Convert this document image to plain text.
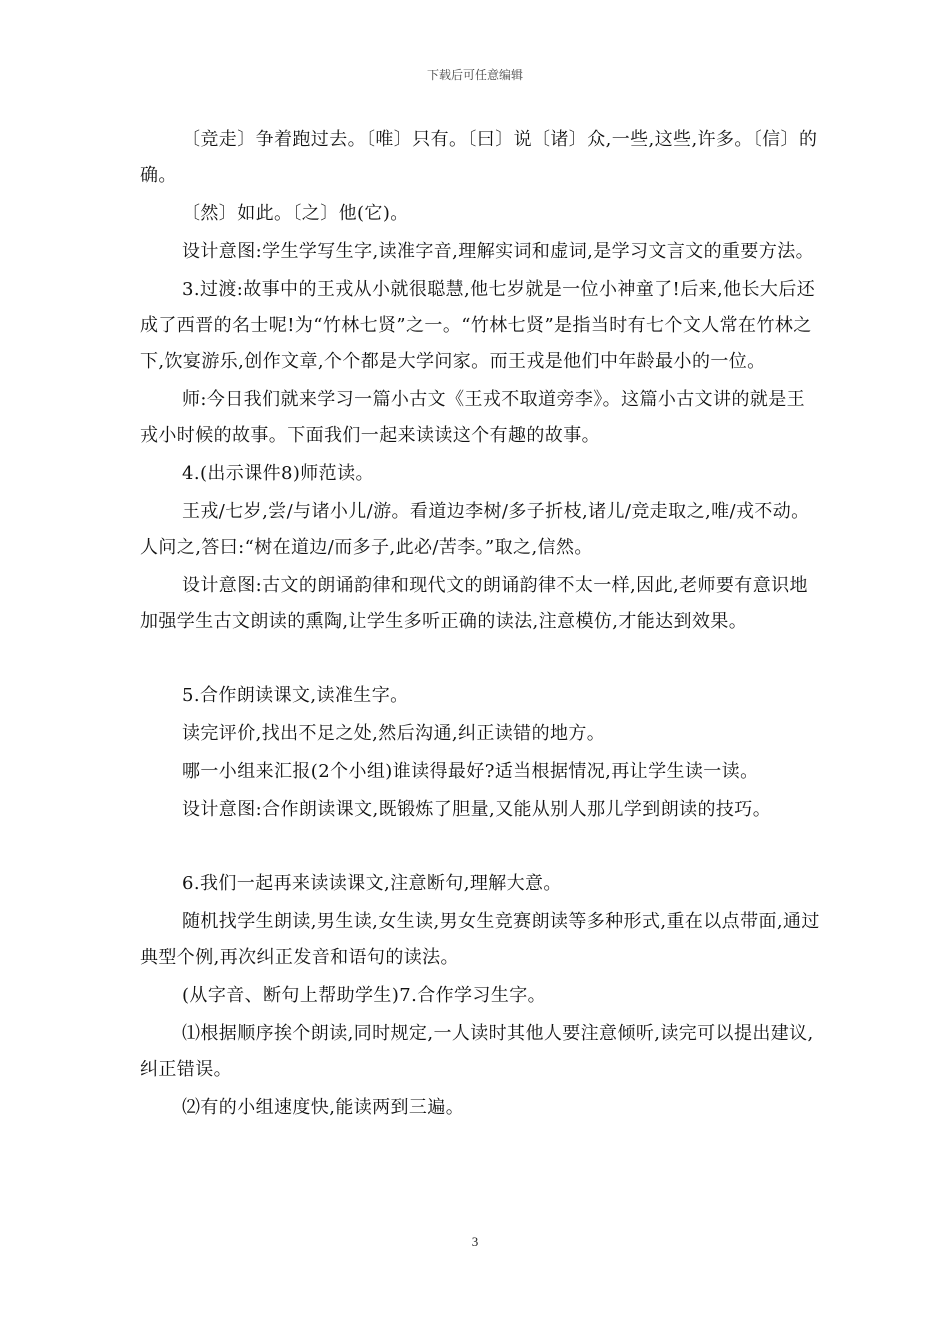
下载后可任意编辑

〔竞走〕争着跑过去。〔唯〕只有。〔曰〕说〔诸〕众,一些,这些,许多。〔信〕的确。

〔然〕如此。〔之〕他(它)。

设计意图:学生学写生字,读准字音,理解实词和虚词,是学习文言文的重要方法。

3.过渡:故事中的王戎从小就很聪慧,他七岁就是一位小神童了!后来,他长大后还成了西晋的名士呢!为“竹林七贤”之一。“竹林七贤”是指当时有七个文人常在竹林之下,饮宴游乐,创作文章,个个都是大学问家。而王戎是他们中年龄最小的一位。

师:今日我们就来学习一篇小古文《王戎不取道旁李》。这篇小古文讲的就是王戎小时候的故事。下面我们一起来读读这个有趣的故事。

4.(出示课件8)师范读。

王戎/七岁,尝/与诸小儿/游。看道边李树/多子折枝,诸儿/竞走取之,唯/戎不动。人问之,答曰:“树在道边/而多子,此必/苦李。”取之,信然。

设计意图:古文的朗诵韵律和现代文的朗诵韵律不太一样,因此,老师要有意识地加强学生古文朗读的熏陶,让学生多听正确的读法,注意模仿,才能达到效果。

5.合作朗读课文,读准生字。

读完评价,找出不足之处,然后沟通,纠正读错的地方。

哪一小组来汇报(2个小组)谁读得最好?适当根据情况,再让学生读一读。

设计意图:合作朗读课文,既锻炼了胆量,又能从别人那儿学到朗读的技巧。

6.我们一起再来读读课文,注意断句,理解大意。

随机找学生朗读,男生读,女生读,男女生竞赛朗读等多种形式,重在以点带面,通过典型个例,再次纠正发音和语句的读法。

(从字音、断句上帮助学生)7.合作学习生字。

⑴根据顺序挨个朗读,同时规定,一人读时其他人要注意倾听,读完可以提出建议,纠正错误。

⑵有的小组速度快,能读两到三遍。

3
